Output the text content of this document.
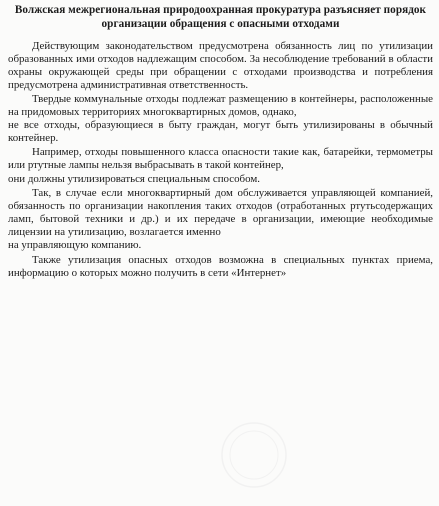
Волжская межрегиональная природоохранная прокуратура разъясняет порядок организации обращения с опасными отходами

Действующим законодательством предусмотрена обязанность лиц по утилизации образованных ими отходов надлежащим способом. За несоблюдение требований в области охраны окружающей среды при обращении с отходами производства и потребления предусмотрена административная ответственность.

Твердые коммунальные отходы подлежат размещению в контейнеры, расположенные на придомовых территориях многоквартирных домов, однако,
не все отходы, образующиеся в быту граждан, могут быть утилизированы в обычный контейнер.

Например, отходы повышенного класса опасности такие как, батарейки, термометры или ртутные лампы нельзя выбрасывать в такой контейнер,
они должны утилизироваться специальным способом.

Так, в случае если многоквартирный дом обслуживается управляющей компанией, обязанность по организации накопления таких отходов (отработанных ртутьсодержащих ламп, бытовой техники и др.) и их передаче в организации, имеющие необходимые лицензии на утилизацию, возлагается именно
на управляющую компанию.

Также утилизация опасных отходов возможна в специальных пунктах приема, информацию о которых можно получить в сети «Интернет»
